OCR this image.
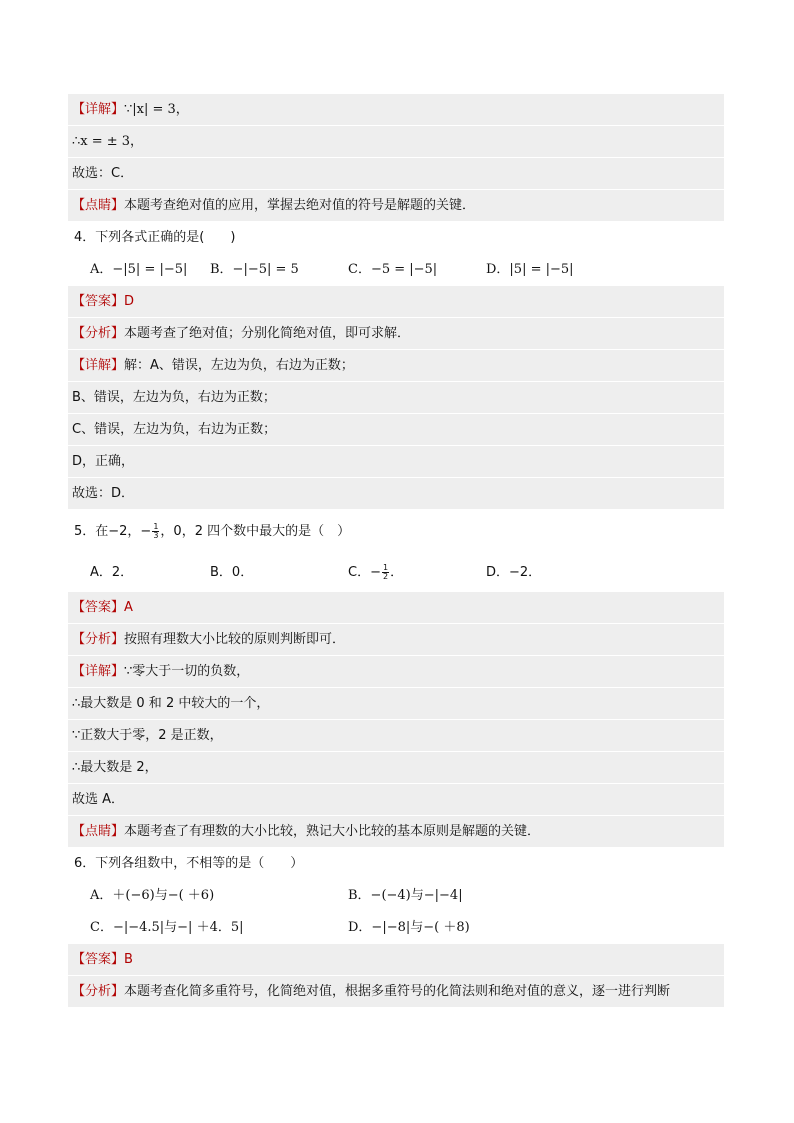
【详解】∵|x| = 3，
∴x = ± 3，
故选：C．
【点睛】本题考查绝对值的应用，掌握去绝对值的符号是解题的关键．
4．下列各式正确的是(　　)
A．−|5| = |−5| B．−|−5| = 5	C．−5 = |−5|	D．|5| = |−5|
【答案】D
【分析】本题考查了绝对值；分别化简绝对值，即可求解．
【详解】解：A、错误，左边为负，右边为正数；
B、错误，左边为负，右边为正数；
C、错误，左边为负，右边为正数；
D，正确，
故选：D．
5．在−2，− $\frac{1}{3}$ ，0，2 四个数中最大的是（　）
A．2．	B．0．	C．− $\frac{1}{2}$ ．	D．−2．
【答案】A
【分析】按照有理数大小比较的原则判断即可．
【详解】∵零大于一切的负数，
∴最大数是 0 和 2 中较大的一个，
∵正数大于零，2 是正数，
∴最大数是 2，
故选 A．
【点睛】本题考查了有理数的大小比较，熟记大小比较的基本原则是解题的关键．
6．下列各组数中，不相等的是（　　）
A．＋(−6)与−( ＋6)	B．−(−4)与−|−4|
C．−|−4.5|与−| ＋4．5|	D．−|−8|与−( ＋8)
【答案】B
【分析】本题考查化简多重符号，化简绝对值，根据多重符号的化简法则和绝对值的意义，逐一进行判断
